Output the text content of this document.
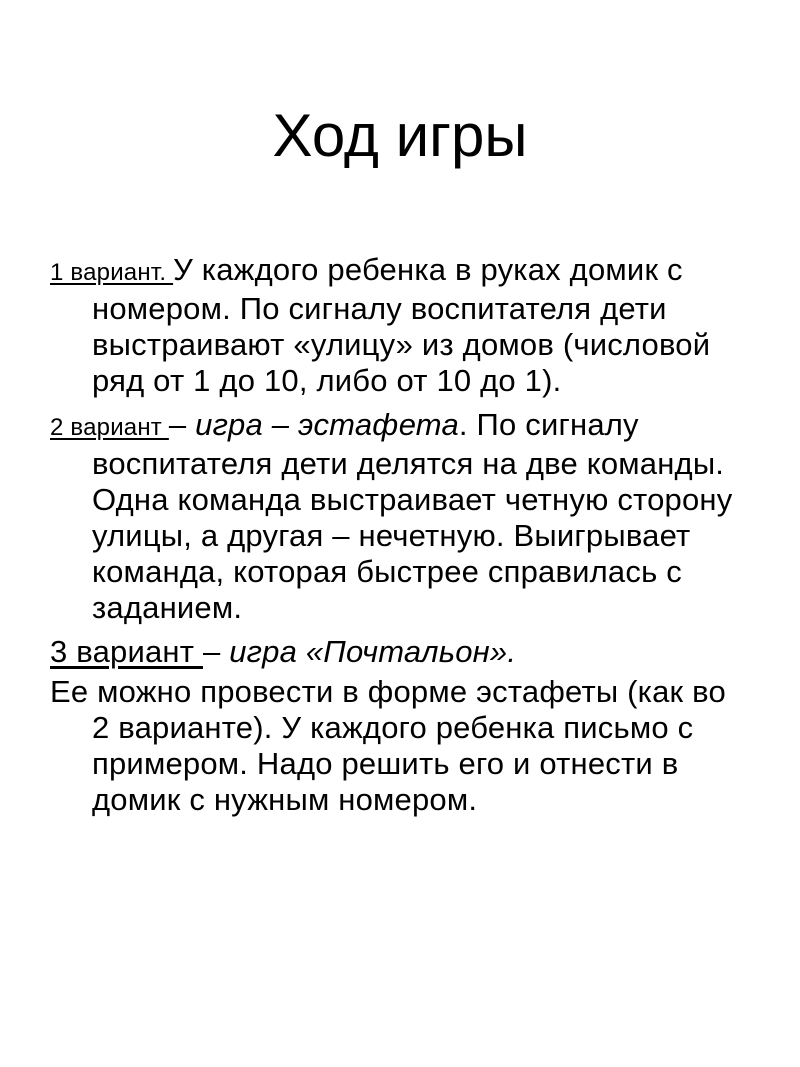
Ход игры

1 вариант. У каждого ребенка в руках домик с номером. По сигналу воспитателя дети выстраивают «улицу» из домов (числовой ряд от 1 до 10, либо от 10 до 1).

2 вариант – игра – эстафета. По сигналу воспитателя дети делятся на две команды. Одна команда выстраивает четную сторону улицы, а другая – нечетную. Выигрывает команда, которая быстрее справилась с заданием.

3 вариант – игра «Почтальон».

Ее можно провести в форме эстафеты (как во 2 варианте). У каждого ребенка письмо с примером. Надо решить его и отнести в домик с нужным номером.
